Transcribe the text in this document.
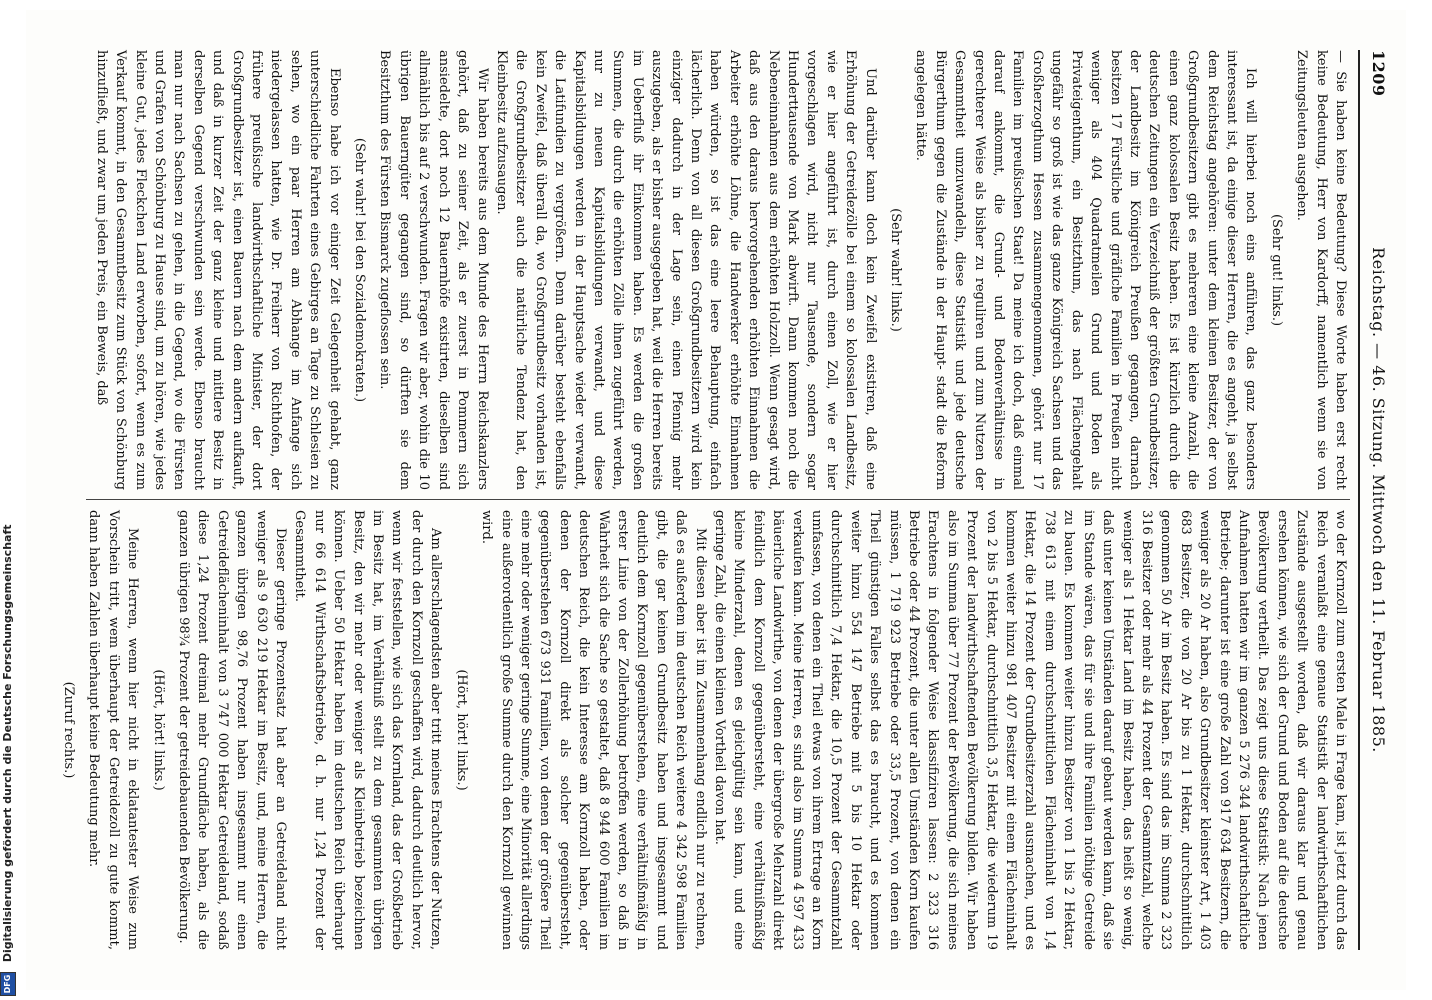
1209
Reichstag. — 46. Sitzung. Mittwoch den 11. Februar 1885.

— Sie haben keine Bedeutung? Diese Worte haben erst recht keine Bedeutung, Herr von Kardorff, namentlich wenn sie von Zeitungsleuten ausgehen.

(Sehr gut! links.)

Ich will hierbei noch eins anführen, das ganz besonders interessant ist, da einige dieser Herren, die es angeht, ja selbst dem Reichstag angehören: unter dem kleinen Besitzer, der von Großgrundbesitzern gibt es mehreren eine kleine Anzahl, die einen ganz kolossalen Besitz haben. Es ist kürzlich durch die deutschen Zeitungen ein Verzeichniß der größten Grundbesitzer, der Landbesitz im Königreich Preußen gegangen, darnach besitzen 17 Fürstliche und gräfliche Familien in Preußen nicht weniger als 404 Quadratmeilen Grund und Boden als Privateigenthum, ein Besitzthum, das nach Flächengehalt ungefähr so groß ist wie das ganze Königreich Sachsen und das Großherzogthum Hessen zusammengenommen, gehört nur 17 Familien im preußischen Staat! Da meine ich doch, daß einmal darauf ankommt, die Grund- und Bodenverhältnisse in gerechterer Weise als bisher zu reguliren und zum Nutzen der Gesammtheit umzuwandeln, diese Statistik und jede deutsche Bürgerthum gegen die Zustände in der Haupt- stadt die Reform angelegen hätte.

(Sehr wahr! links.)

Und darüber kann doch kein Zweifel existiren, daß eine Erhöhung der Getreidezölle bei einem so kolossalen Landbesitz, wie er hier angeführt ist, durch einen Zoll, wie er hier vorgeschlagen wird, nicht nur Tausende, sondern sogar Hunderttausende von Mark abwirft. Dann kommen noch die Nebeneinnahmen aus dem erhöhten Holzzoll. Wenn gesagt wird, daß aus den daraus hervorgehenden erhöhten Einnahmen die Arbeiter erhöhte Löhne, die Handwerker erhöhte Einnahmen haben würden, so ist das eine leere Behauptung, einfach lächerlich. Denn von all diesen Großgrundbesitzern wird kein einziger dadurch in der Lage sein, einen Pfennig mehr auszugeben, als er bisher ausgegeben hat, weil die Herren bereits im Ueberfluß ihr Einkommen haben. Es werden die großen Summen, die durch die erhöhten Zölle ihnen zugeführt werden, nur zu neuen Kapitalsbildungen verwandt, und diese Kapitalsbildungen werden in der Hauptsache wieder verwandt, die Latifundien zu vergrößern. Denn darüber besteht ebenfalls kein Zweifel, daß überall da, wo Großgrundbesitz vorhanden ist, die Großgrundbesitzer auch die natürliche Tendenz hat, den Kleinbesitz aufzusaugen.

Wir haben bereits aus dem Munde des Herrn Reichskanzlers gehört, daß zu seiner Zeit, als er zuerst in Pommern sich ansiedelte, dort noch 12 Bauernhöfe existirten, dieselben sind allmählich bis auf 2 verschwunden. Fragen wir aber, wohin die 10 übrigen Bauerngüter gegangen sind, so dürften sie dem Besitzthum des Fürsten Bismarck zugeflossen sein.

(Sehr wahr! bei den Sozialdemokraten.)

Ebenso habe ich vor einiger Zeit Gelegenheit gehabt, ganz unterschiedliche Fahrten eines Gebirges an Tage zu Schlesien zu sehen, wo ein paar Herren am Abhange im Anfange sich niedergelassen hatten, wie Dr. Freiherr von Richthofen, der frühere preußische landwirthschaftliche Minister, der dort Großgrundbesitzer ist, einen Bauern nach dem andern aufkauft, und daß in kurzer Zeit der ganz kleine und mittlere Besitz in derselben Gegend verschwunden sein werde. Ebenso braucht man nur nach Sachsen zu gehen, in die Gegend, wo die Fürsten und Grafen von Schönburg zu Hause sind, um zu hören, wie jedes kleine Gut, jedes Fleckchen Land erworben, sofort, wenn es zum Verkauf kommt, in den Gesammtbesitz zum Stück von Schönburg hinzufließt, und zwar um jeden Preis, ein Beweis, daß

wo der Kornzoll zum ersten Male in Frage kam, ist jetzt durch das Reich veranlaßt eine genaue Statistik der landwirthschaftlichen Zustände ausgestellt worden, daß wir daraus klar und genau ersehen können, wie sich der Grund und Boden auf die deutsche Bevölkerung vertheilt. Das zeigt uns diese Statistik: Nach jenen Aufnahmen hatten wir im ganzen 5 276 344 landwirthschaftliche Betriebe; darunter ist eine große Zahl von 917 634 Besitzern, die weniger als 20 Ar haben, also Grundbesitzer kleinster Art, 1 403 683 Besitzer, die von 20 Ar bis zu 1 Hektar, durchschnittlich genommen 50 Ar im Besitz haben. Es sind das im Summa 2 323 316 Besitzer oder mehr als 44 Prozent der Gesammtzahl, welche weniger als 1 Hektar Land im Besitz haben, das heißt so wenig, daß unter keinen Umständen darauf gebaut werden kann, daß sie im Stande wären, das für sie und ihre Familien nöthige Getreide zu bauen. Es kommen weiter hinzu Besitzer von 1 bis 2 Hektar, 738 613 mit einem durchschnittlichen Flächeninhalt von 1,4 Hektar, die 14 Prozent der Grundbesitzerzahl ausmachen, und es kommen weiter hinzu 981 407 Besitzer mit einem Flächeninhalt von 2 bis 5 Hektar, durchschnittlich 3,5 Hektar, die wiederum 19 Prozent der landwirthschaftenden Bevölkerung bilden. Wir haben also im Summa über 77 Prozent der Bevölkerung, die sich meines Erachtens in folgender Weise klassifiziren lassen: 2 323 316 Betriebe oder 44 Prozent, die unter allen Umständen Korn kaufen müssen, 1 719 923 Betriebe oder 33,5 Prozent, von denen ein Theil günstigen Falles selbst das es braucht, und es kommen weiter hinzu 554 147 Betriebe mit 5 bis 10 Hektar oder durchschnittlich 7,4 Hektar, die 10,5 Prozent der Gesammtzahl umfassen, von denen ein Theil etwas von ihrem Ertrage an Korn verkaufen kann. Meine Herren, es sind also im Summa 4 597 433 bäuerliche Landwirthe, von denen der übergroße Mehrzahl direkt feindlich dem Kornzoll gegenübersteht, eine verhältnißmäßig kleine Minderzahl, denen es gleichgültig sein kann, und eine geringe Zahl, die einen kleinen Vortheil davon hat.

Mit diesen aber ist im Zusammenhang endlich nur zu rechnen, daß es außerdem im deutschen Reich weitere 4 342 598 Familien gibt, die gar keinen Grundbesitz haben und insgesammt und deutlich dem Kornzoll gegenüberstehen, eine verhältnißmäßig in erster Linie von der Zollerhöhung betroffen werden, so daß in Wahrheit sich die Sache so gestaltet, daß 8 944 600 Familien im deutschen Reich, die kein Interesse am Kornzoll haben, oder denen der Kornzoll direkt als solcher gegenübersteht, gegenüberstehen 673 931 Familien, von denen der größere Theil eine mehr oder weniger geringe Summe, eine Minorität allerdings eine außerordentlich große Summe durch den Kornzoll gewinnen wird.

(Hört, hört! links.)

Am allerschlagendsten aber tritt meines Erachtens der Nutzen, der durch den Kornzoll geschaffen wird, dadurch deutlich hervor, wenn wir feststellen, wie sich das Kornland, das der Großbetrieb im Besitz hat, im Verhältniß stellt zu dem gesammten übrigen Besitz, den wir mehr oder weniger als Kleinbetrieb bezeichnen können. Ueber 50 Hektar haben im deutschen Reich überhaupt nur 66 614 Wirthschaftsbetriebe, d. h. nur 1,24 Prozent der Gesammtheit.

Dieser geringe Prozentsatz hat aber an Getreideland nicht weniger als 9 630 219 Hektar im Besitz, und, meine Herren, die ganzen übrigen 98,76 Prozent haben insgesammt nur einen Getreideflächeninhalt von 3 747 000 Hektar Getreideland, sodaß diese 1,24 Prozent dreimal mehr Grundfläche haben, als die ganzen übrigen 98¾ Prozent der getreidebauenden Bevölkerung.

(Hört, hört! links.)

Meine Herren, wenn hier nicht in eklatantester Weise zum Vorschein tritt, wem überhaupt der Getreidezoll zu gute kommt, dann haben Zahlen überhaupt keine Bedeutung mehr.

(Zuruf rechts.)

DFG Digitalisierung gefördert durch die Deutsche Forschungsgemeinschaft
